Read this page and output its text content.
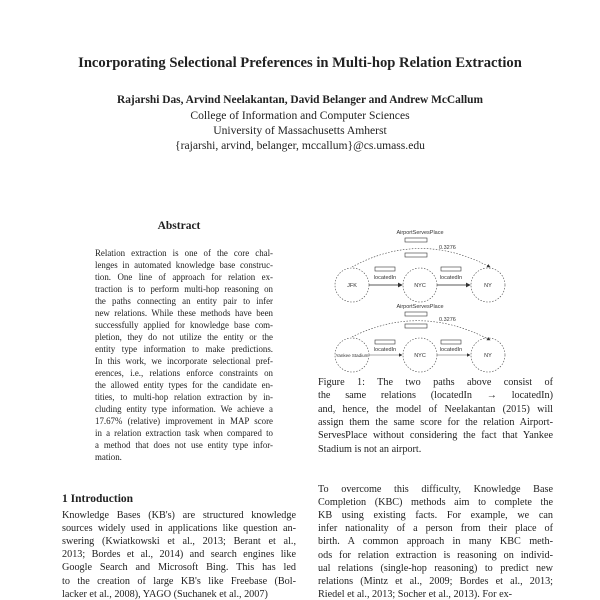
Incorporating Selectional Preferences in Multi-hop Relation Extraction
Rajarshi Das, Arvind Neelakantan, David Belanger and Andrew McCallum
College of Information and Computer Sciences
University of Massachusetts Amherst
{rajarshi, arvind, belanger, mccallum}@cs.umass.edu
Abstract
Relation extraction is one of the core chal-
lenges in automated knowledge base construc-
tion. One line of approach for relation ex-
traction is to perform multi-hop reasoning on
the paths connecting an entity pair to infer
new relations. While these methods have been
successfully applied for knowledge base com-
pletion, they do not utilize the entity or the
entity type information to make predictions.
In this work, we incorporate selectional pref-
erences, i.e., relations enforce constraints on
the allowed entity types for the candidate en-
tities, to multi-hop relation extraction by in-
cluding entity type information. We achieve a
17.67% (relative) improvement in MAP score
in a relation extraction task when compared to
a method that does not use entity type infor-
mation.
1 Introduction
Knowledge Bases (KB's) are structured knowledge
sources widely used in applications like question an-
swering (Kwiatkowski et al., 2013; Berant et al.,
2013; Bordes et al., 2014) and search engines like
Google Search and Microsoft Bing. This has led
to the creation of large KB's like Freebase (Bol-
lacker et al., 2008), YAGO (Suchanek et al., 2007)
AirportServesPlace
0.3276
JFK	NYC	NY
locatedIn	locatedIn
AirportServesPlace
0.3276
Yankee Stadium	NYC	NY
locatedIn	locatedIn
Figure 1: The two paths above consist of
the same relations (locatedIn → locatedIn)
and, hence, the model of Neelakantan (2015) will
assign them the same score for the relation Airport-
ServesPlace without considering the fact that Yankee
Stadium is not an airport.
To overcome this difficulty, Knowledge Base
Completion (KBC) methods aim to complete the
KB using existing facts. For example, we can
infer nationality of a person from their place of
birth. A common approach in many KBC meth-
ods for relation extraction is reasoning on individ-
ual relations (single-hop reasoning) to predict new
relations (Mintz et al., 2009; Bordes et al., 2013;
Riedel et al., 2013; Socher et al., 2013). For ex-
